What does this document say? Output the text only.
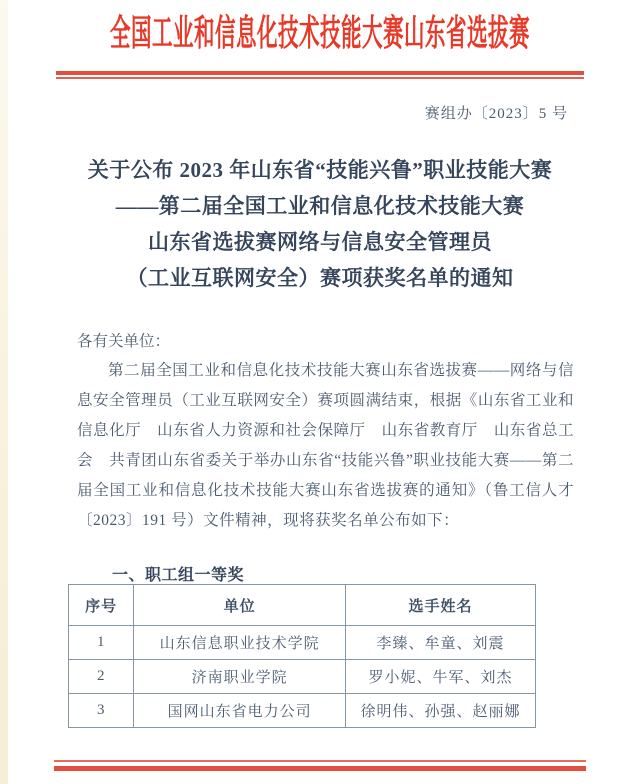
全国工业和信息化技术技能大赛山东省选拔赛
赛组办〔2023〕5 号
关于公布 2023 年山东省“技能兴鲁”职业技能大赛
——第二届全国工业和信息化技术技能大赛
山东省选拔赛网络与信息安全管理员
（工业互联网安全）赛项获奖名单的通知
各有关单位：
第二届全国工业和信息化技术技能大赛山东省选拔赛——网络与信息安全管理员（工业互联网安全）赛项圆满结束，根据《山东省工业和信息化厅　山东省人力资源和社会保障厅　山东省教育厅　山东省总工会　共青团山东省委关于举办山东省“技能兴鲁”职业技能大赛——第二届全国工业和信息化技术技能大赛山东省选拔赛的通知》（鲁工信人才〔2023〕191 号）文件精神，现将获奖名单公布如下：
一、职工组一等奖
序号	单位	选手姓名
1	山东信息职业技术学院	李臻、牟童、刘震
2	济南职业学院	罗小妮、牛军、刘杰
3	国网山东省电力公司	徐明伟、孙强、赵丽娜
